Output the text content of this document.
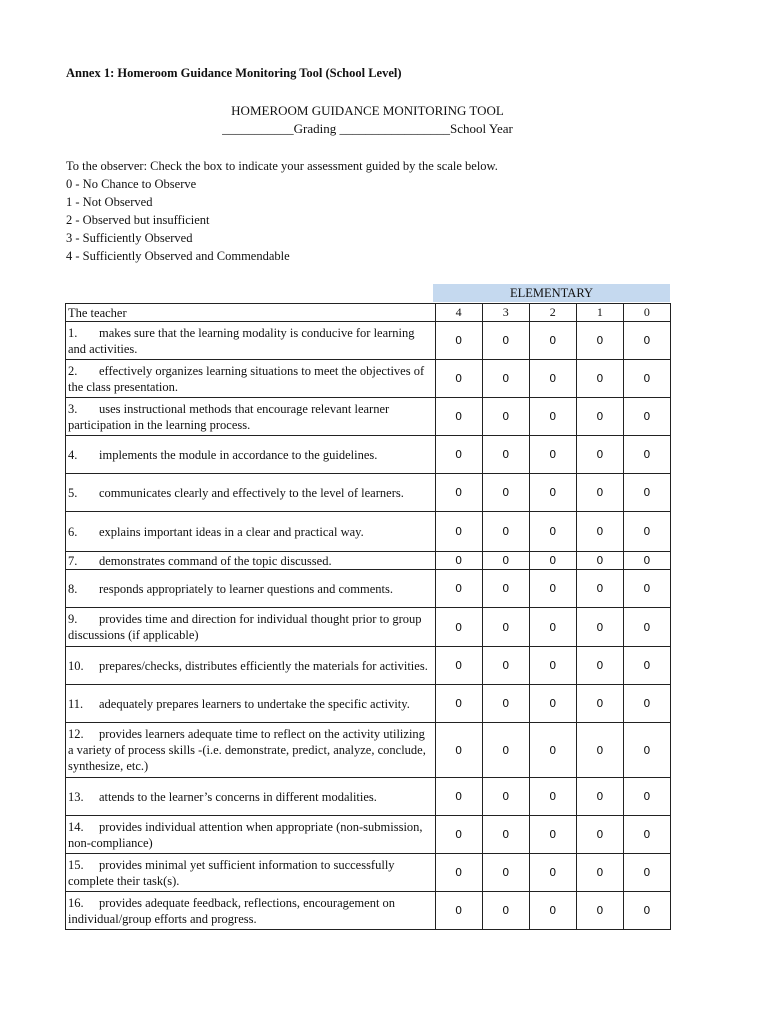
Annex 1: Homeroom Guidance Monitoring Tool (School Level)
HOMEROOM GUIDANCE MONITORING TOOL
___________Grading _________________School Year
To the observer: Check the box to indicate your assessment guided by the scale below.
0 - No Chance to Observe
1 - Not Observed
2 - Observed but insufficient
3 - Sufficiently Observed
4 - Sufficiently Observed and Commendable
ELEMENTARY
The teacher	4	3	2	1	0
1. makes sure that the learning modality is conducive for learning and activities.	0	0	0	0	0
2. effectively organizes learning situations to meet the objectives of the class presentation.	0	0	0	0	0
3. uses instructional methods that encourage relevant learner participation in the learning process.	0	0	0	0	0
4. implements the module in accordance to the guidelines.	0	0	0	0	0
5. communicates clearly and effectively to the level of learners.	0	0	0	0	0
6. explains important ideas in a clear and practical way.	0	0	0	0	0
7. demonstrates command of the topic discussed.	0	0	0	0	0
8. responds appropriately to learner questions and comments.	0	0	0	0	0
9. provides time and direction for individual thought prior to group discussions (if applicable)	0	0	0	0	0
10. prepares/checks, distributes efficiently the materials for activities.	0	0	0	0	0
11. adequately prepares learners to undertake the specific activity.	0	0	0	0	0
12. provides learners adequate time to reflect on the activity utilizing a variety of process skills -(i.e. demonstrate, predict, analyze, conclude, synthesize, etc.)	0	0	0	0	0
13. attends to the learner’s concerns in different modalities.	0	0	0	0	0
14. provides individual attention when appropriate (non-submission, non-compliance)	0	0	0	0	0
15. provides minimal yet sufficient information to successfully complete their task(s).	0	0	0	0	0
16. provides adequate feedback, reflections, encouragement on individual/group efforts and progress.	0	0	0	0	0
